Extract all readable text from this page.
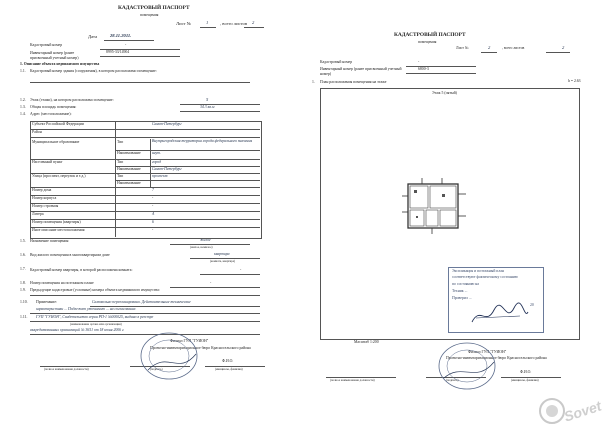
КАДАСТРОВЫЙ ПАСПОРТ
помещения
Лист №	1	, всего листов 2
Дата	28.11.2011.
Кадастровый номер	-
Инвентарный номер (ранее присвоенный учетный номер)
8995-33/14904
1. Описание объекта недвижимого имущества
1.1. Кадастровый номер здания (сооружения), в котором расположено помещение:
1.2. Этаж (этажи), на котором расположено помещение:	5
1.3. Общая площадь помещения:	34.3 кв.м
1.4. Адрес (местоположение):
Субъект Российской Федерации	Санкт-Петербург
Район
Муниципальное образование	Тип	Внутригородская территория города федерального значения
Наименование	внут.
Населенный пункт	Тип	город
Наименование	Санкт-Петербург
Улица (проспект, переулок и т.д.)	Тип	проспект
Наименование
Номер дома	7
Номер корпуса	-
Номер строения	-
Литера	А
Номер помещения (квартиры)	6
Иное описание местоположения	-
1.5. Назначение помещения:	жилое
(жилое, нежилое)
1.6. Вид жилого помещения в многоквартирном доме	квартира
(комната, квартира)
1.7. Кадастровый номер квартиры, в которой расположена комната:	-
1.8. Номер помещения на поэтажном плане	-
1.9. Предыдущие кадастровые (условные) номера объекта недвижимого имущества:
1.10. Примечание:	Самовольно перепланировано. Действительные технические
характеристики ... Подлежат уточнению ... на согласование.
1.11. ГУП "ГУИОН", Свидетельство серии РП-1 №000025, выдано в реестре
(наименование органа или организации)
аккредитованных организаций № 3651 от 18 июня 2006 г.
Филиал ГУП "ГУИОН"
Проектно-инвентаризационное бюро Красносельского района
Ф.И.О.
(полное наименование должности)	(подпись)	(инициалы, фамилия)
КАДАСТРОВЫЙ ПАСПОРТ
помещения
Лист №	2	, всего листов	2
Кадастровый номер	-
Инвентарный номер (ранее присвоенный учетный номер)
6800-3
1. План расположения помещения на этаже	h = 2.63
Этаж 5 (пятый)
Экспликация и поэтажный план
соответствуют фактическому состоянию
по состоянию на
Техник ...
Проверил ...
20
Масштаб 1:200
Филиал ГУП "ГУИОН"
Проектно-инвентаризационное бюро Красносельского района
Ф.И.О.
(полное наименование должности)	(подпись)	(инициалы, фамилия)
Sovet
